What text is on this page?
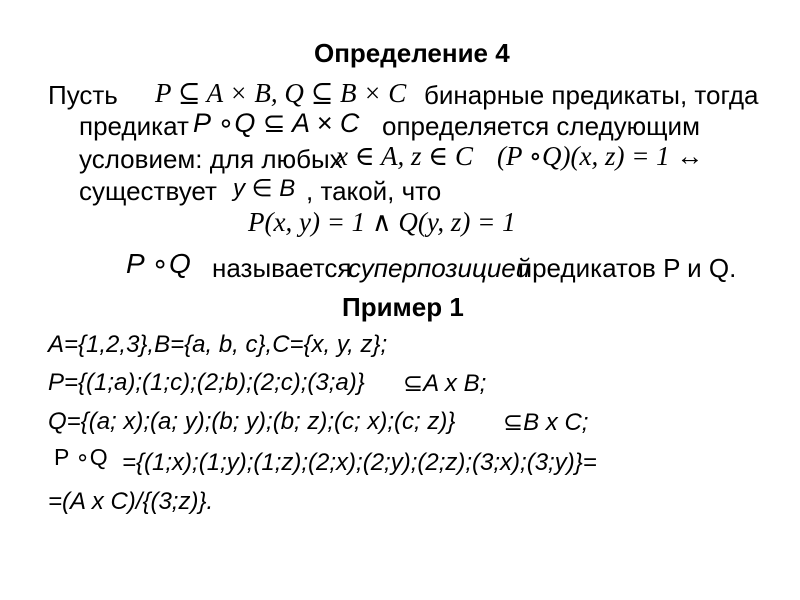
Определение 4
Пусть P ⊆ A × B, Q ⊆ B × C бинарные предикаты, тогда
предикат P ∘Q ⊆ A × C определяется следующим
условием: для любых
x ∈ A, z ∈ C (P ∘Q)(x, z) = 1 ↔
существует y ∈ B , такой, что
P(x, y) = 1 ∧ Q(y, z) = 1
P ∘Q называется
суперпозицией
предикатов P и Q.
Пример 1
A={1,2,3},B={a, b, c},C={x, y, z};
P={(1;a);(1;c);(2;b);(2;c);(3;a)} ⊆A x B;
Q={(a; x);(a; y);(b; y);(b; z);(c; x);(c; z)} ⊆B x C;
P ∘Q ={(1;x);(1;y);(1;z);(2;x);(2;y);(2;z);(3;x);(3;y)}=
=(A x C)/{(3;z)}.
